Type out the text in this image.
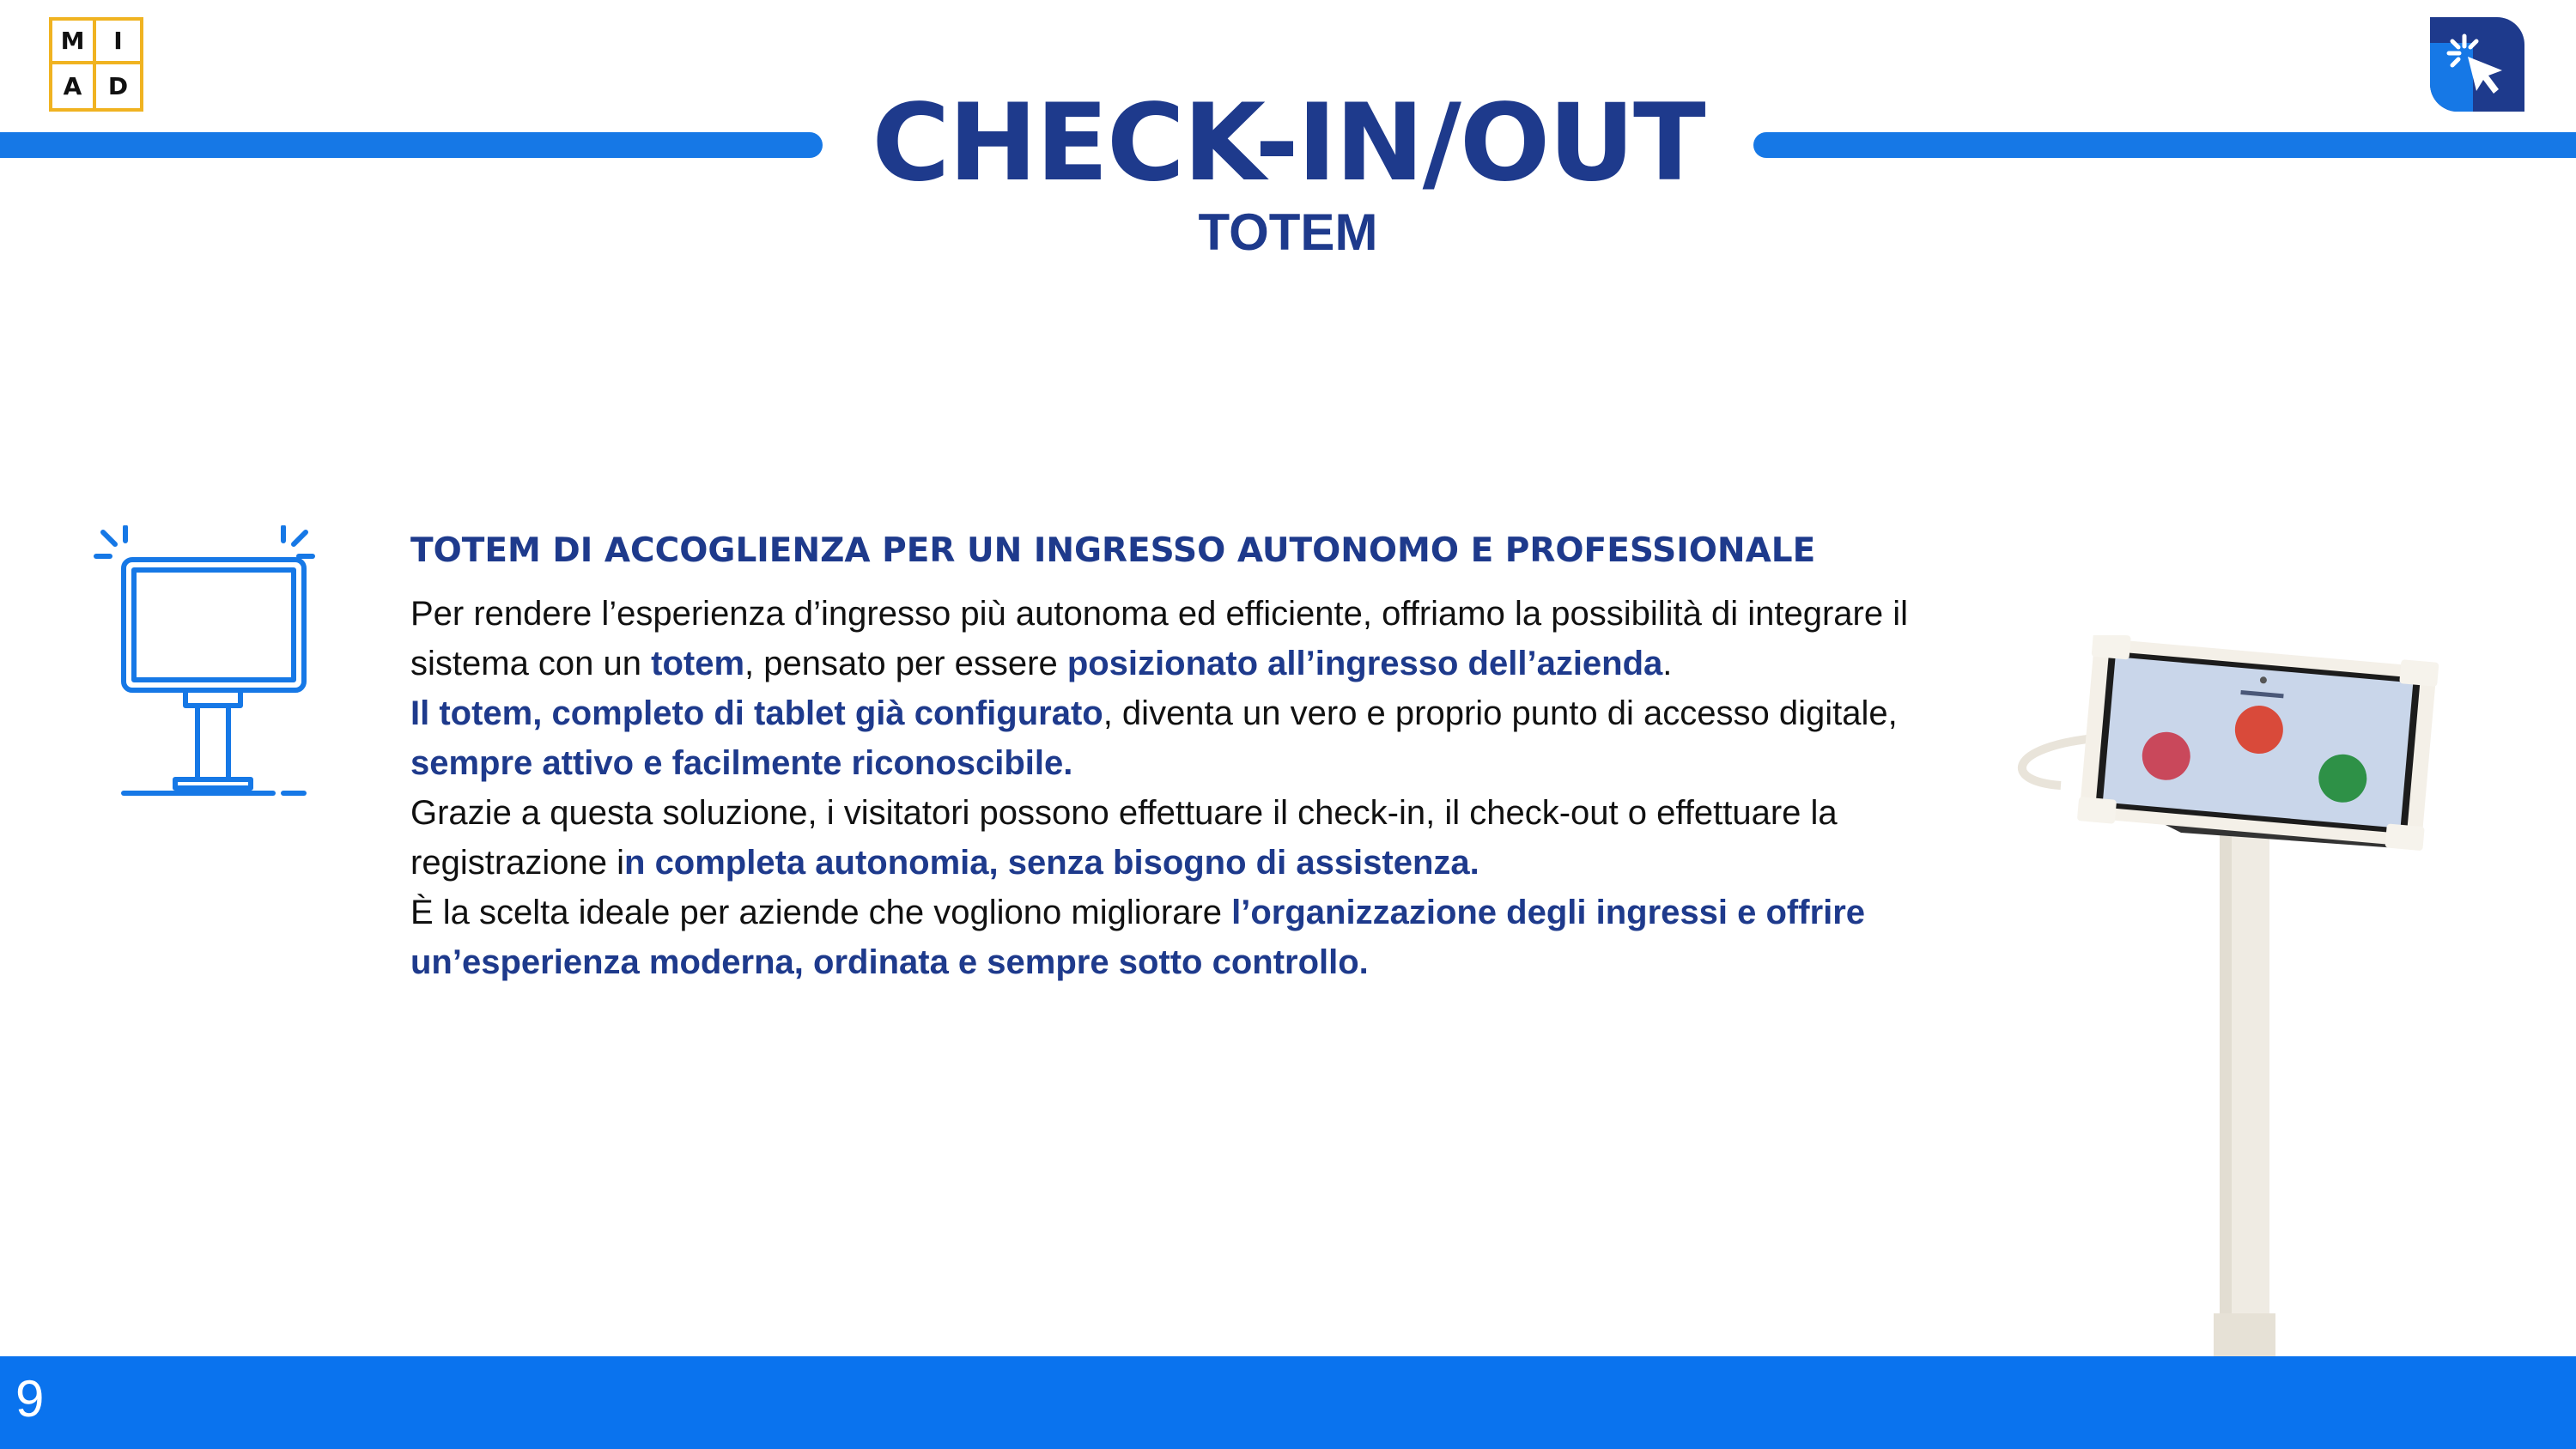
M	I
A	D	CHECK-IN/OUT
TOTEM
TOTEM DI ACCOGLIENZA PER UN INGRESSO AUTONOMO E PROFESSIONALE

Per rendere l’esperienza d’ingresso più autonoma ed efficiente, offriamo la possibilità di integrare il sistema con un totem, pensato per essere posizionato all’ingresso dell’azienda.

Il totem, completo di tablet già configurato, diventa un vero e proprio punto di accesso digitale, sempre attivo e facilmente riconoscibile.

Grazie a questa soluzione, i visitatori possono effettuare il check-in, il check-out o effettuare la registrazione in completa autonomia, senza bisogno di assistenza.

È la scelta ideale per aziende che vogliono migliorare l’organizzazione degli ingressi e offrire un’esperienza moderna, ordinata e sempre sotto controllo.

9
